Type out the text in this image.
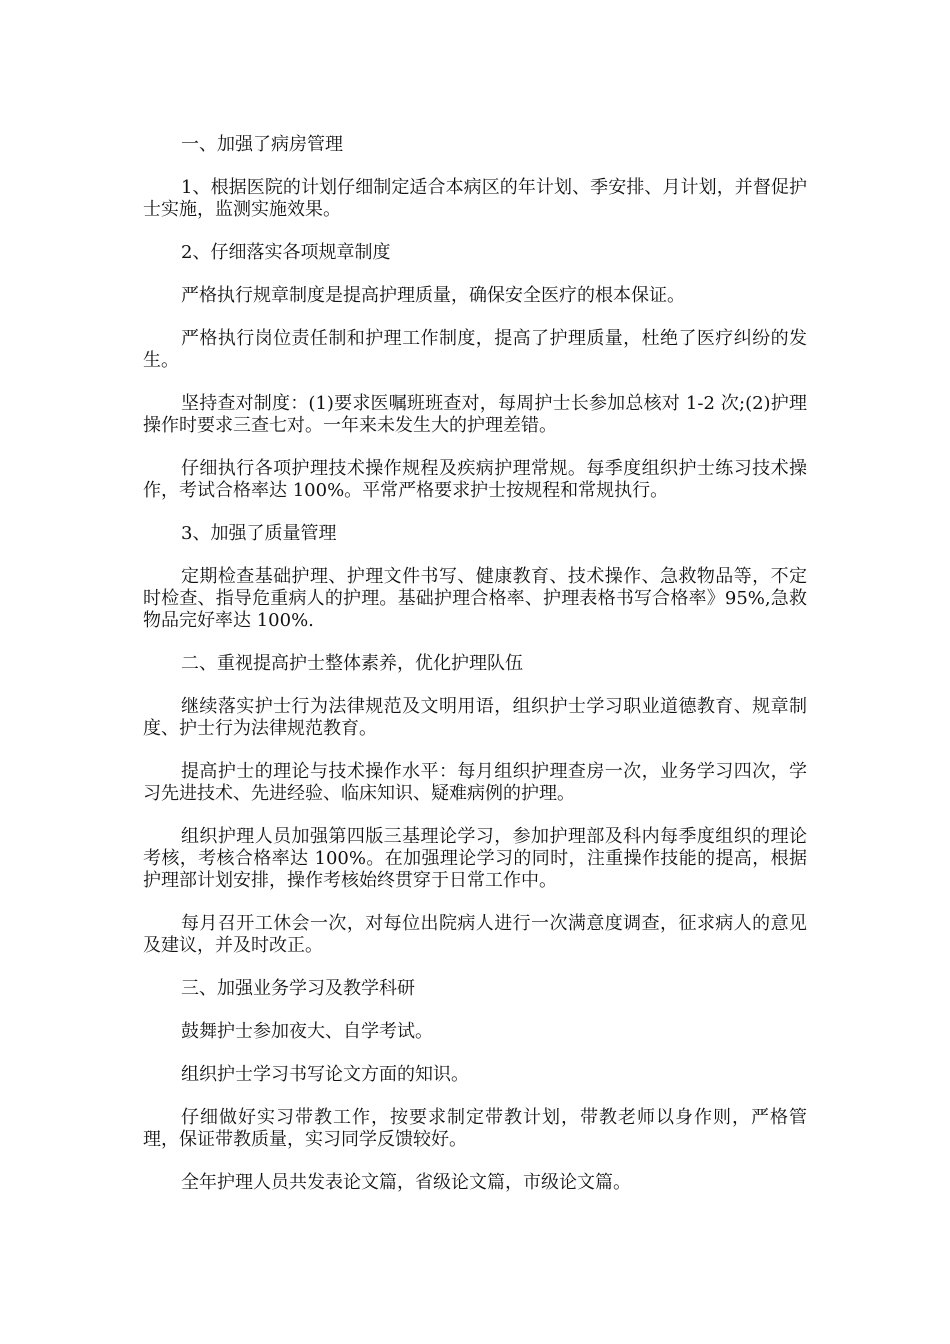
一、加强了病房管理

1、根据医院的计划仔细制定适合本病区的年计划、季安排、月计划，并督促护士实施，监测实施效果。

2、仔细落实各项规章制度

严格执行规章制度是提高护理质量，确保安全医疗的根本保证。

严格执行岗位责任制和护理工作制度，提高了护理质量，杜绝了医疗纠纷的发生。

坚持查对制度：(1)要求医嘱班班查对，每周护士长参加总核对 1-2 次;(2)护理操作时要求三查七对。一年来未发生大的护理差错。

仔细执行各项护理技术操作规程及疾病护理常规。每季度组织护士练习技术操作，考试合格率达 100%。平常严格要求护士按规程和常规执行。

3、加强了质量管理

定期检查基础护理、护理文件书写、健康教育、技术操作、急救物品等，不定时检查、指导危重病人的护理。基础护理合格率、护理表格书写合格率》95%,急救物品完好率达 100%.

二、重视提高护士整体素养，优化护理队伍

继续落实护士行为法律规范及文明用语，组织护士学习职业道德教育、规章制度、护士行为法律规范教育。

提高护士的理论与技术操作水平：每月组织护理查房一次，业务学习四次，学习先进技术、先进经验、临床知识、疑难病例的护理。

组织护理人员加强第四版三基理论学习，参加护理部及科内每季度组织的理论考核，考核合格率达 100%。在加强理论学习的同时，注重操作技能的提高，根据护理部计划安排，操作考核始终贯穿于日常工作中。

每月召开工休会一次，对每位出院病人进行一次满意度调查，征求病人的意见及建议，并及时改正。

三、加强业务学习及教学科研

鼓舞护士参加夜大、自学考试。

组织护士学习书写论文方面的知识。

仔细做好实习带教工作，按要求制定带教计划，带教老师以身作则，严格管理，保证带教质量，实习同学反馈较好。

全年护理人员共发表论文篇，省级论文篇，市级论文篇。
